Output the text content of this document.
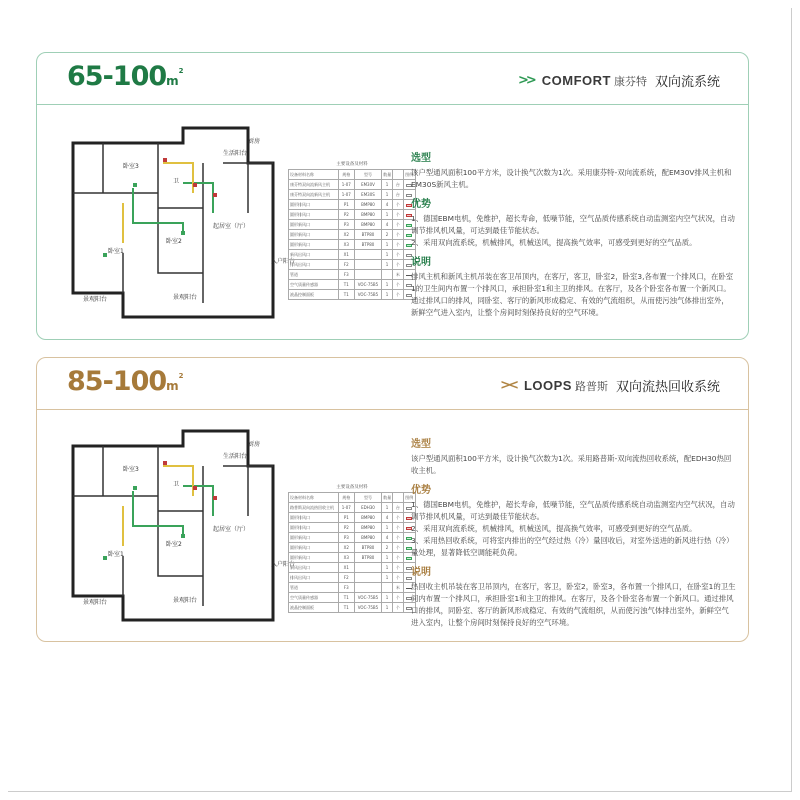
$65-100m^2$
>> COMFORT 康芬特 双向流系统
卧室3
卧室1
卧室2
起居室（厅）
厨房
生活阳台
入户阳台
景观阳台
景观阳台
卫
主要设备及材料
设备材料名称	规格	型号	数量		图例
康芬特双向流新风主机	1-07	EM30V	1	台	
康芬特双向流新风主机	1-07	EM30S	1	台	
圆形排风口	P1	BMP80	4	个	
圆形排风口	P2	BMP80	1	个	
圆形新风口	P3	BMP80	4	个	
圆形新风口	X2	BTP80	2	个	
圆形新风口	X3	BTP80	1	个	
新风出风口	X1		1	个	
排风出风口	F2		1	个	
管道	F3			米	
空气质量传感器	T1	VOC-75B5	1	个	
液晶控制面板	T1	VOC-75B5	1	个	
选型

该户型通风面积100平方米，设计换气次数为1次。采用康芬特-双向流系统，配EM30V排风主机和EM30S新风主机。

优势

1、德国EBM电机，免维护，超长寿命，低噪节能，空气品质传感系统自动监测室内空气状况，自动调节排风机风量，可达到最佳节能状态。

2、采用双向流系统，机械排风，机械送风，提高换气效率，可感受到更好的空气品质。

说明

排风主机和新风主机吊装在客卫吊顶内，在客厅，客卫，卧室2，卧室3,各布置一个排风口，在卧室1的卫生间内布置一个排风口，承担卧室1和主卫的排风。在客厅，及各个卧室各布置一个新风口。通过排风口的排风，同卧室、客厅的新风形成稳定、有效的气流组织，从而使污浊气体排出室外，新鲜空气进入室内，让整个房间时刻保持良好的空气环境。

$85-100m^2$
>< LOOPS 路普斯 双向流热回收系统
卧室3
卧室1
卧室2
起居室（厅）
厨房
生活阳台
入户阳台
景观阳台
景观阳台
卫	主要设备及材料
设备材料名称	规格	型号	数量		图例
路普斯双向流热回收主机	1-07	EDH30	1	台	
圆形排风口	P1	BMP80	4	个	
圆形排风口	P2	BMP80	1	个	
圆形新风口	P3	BMP80	4	个	
圆形新风口	X2	BTP80	2	个	
圆形新风口	X3	BTP80	1	个	
新风出风口	X1		1	个	
排风出风口	F2		1	个	
管道	F3			米	
空气质量传感器	T1	VOC-75B5	1	个	
液晶控制面板	T1	VOC-75B5	1	个	
选型

该户型通风面积100平方米，设计换气次数为1次。采用路普斯-双向流热回收系统，配EDH30热回收主机。

优势

1、德国EBM电机，免维护，超长寿命，低噪节能，空气品质传感系统自动监测室内空气状况，自动调节排风机风量，可达到最佳节能状态。

2、采用双向流系统，机械排风，机械送风，提高换气效率，可感受到更好的空气品质。

3、采用热回收系统，可将室内排出的空气经过热（冷）量回收后，对室外送进的新风进行热（冷）量处理，显著降低空调能耗负荷。

说明

热回收主机吊装在客卫吊顶内，在客厅，客卫，卧室2，卧室3，各布置一个排风口，在卧室1的卫生间内布置一个排风口，承担卧室1和主卫的排风。在客厅，及各个卧室各布置一个新风口。通过排风口的排风，同卧室、客厅的新风形成稳定、有效的气流组织，从而使污浊气体排出室外，新鲜空气进入室内，让整个房间时刻保持良好的空气环境。
